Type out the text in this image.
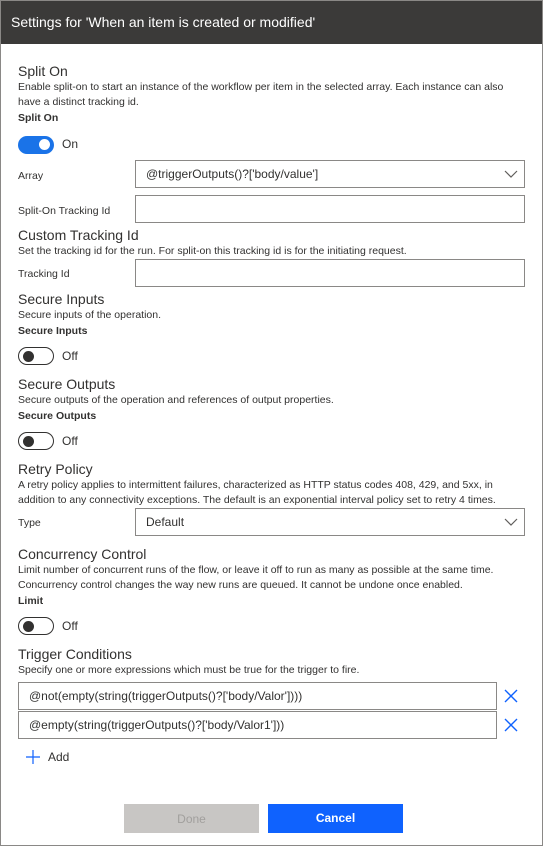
Settings for 'When an item is created or modified'
Split On
Enable split-on to start an instance of the workflow per item in the selected array. Each instance can also have a distinct tracking id.
Split On
On
Array	@triggerOutputs()?['body/value']
Split-On Tracking Id
Custom Tracking Id
Set the tracking id for the run. For split-on this tracking id is for the initiating request.
Tracking Id
Secure Inputs
Secure inputs of the operation.
Secure Inputs
Off
Secure Outputs
Secure outputs of the operation and references of output properties.
Secure Outputs
Off
Retry Policy
A retry policy applies to intermittent failures, characterized as HTTP status codes 408, 429, and 5xx, in addition to any connectivity exceptions. The default is an exponential interval policy set to retry 4 times.
Type	Default
Concurrency Control
Limit number of concurrent runs of the flow, or leave it off to run as many as possible at the same time. Concurrency control changes the way new runs are queued. It cannot be undone once enabled.
Limit
Off
Trigger Conditions
Specify one or more expressions which must be true for the trigger to fire.
@not(empty(string(triggerOutputs()?['body/Valor'])))
@empty(string(triggerOutputs()?['body/Valor1']))
Add
Done	Cancel
